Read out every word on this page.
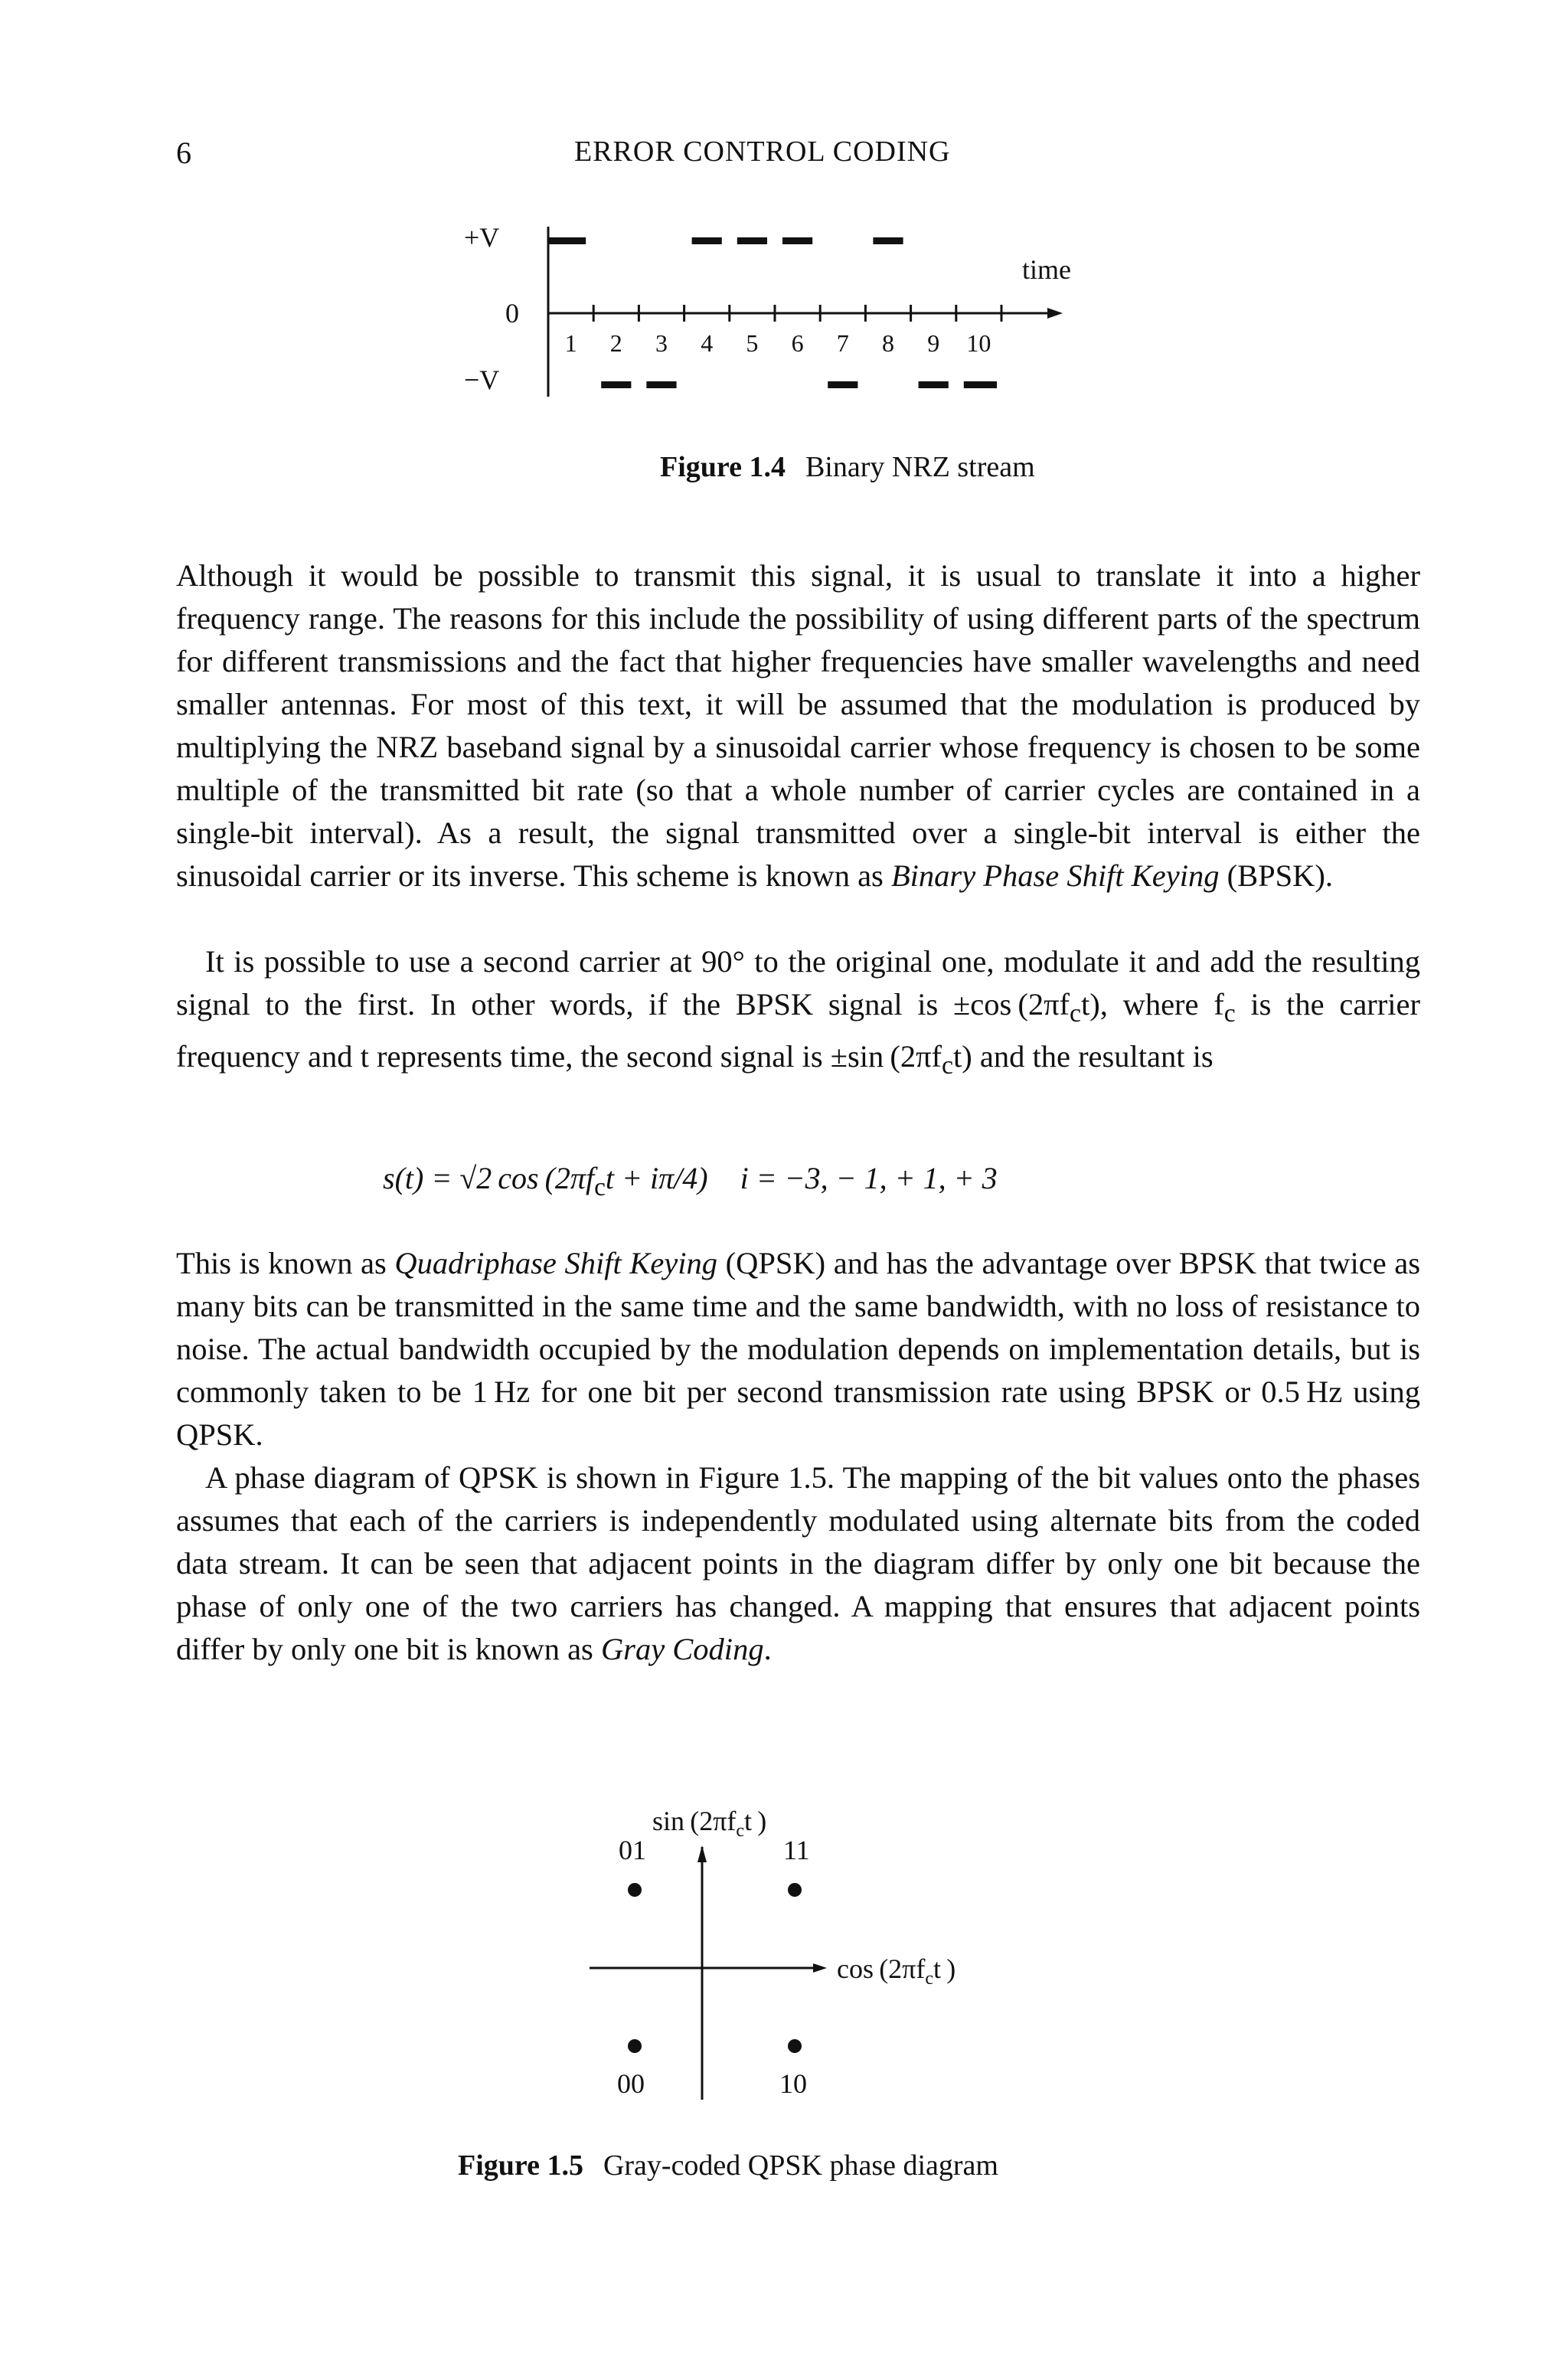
6	ERROR CONTROL CODING
+V
0
−V
time
1 2 3 4 5 6 7 8 9 10
Figure 1.4 Binary NRZ stream

Although it would be possible to transmit this signal, it is usual to translate it into a higher frequency range. The reasons for this include the possibility of using different parts of the spectrum for different transmissions and the fact that higher frequencies have smaller wavelengths and need smaller antennas. For most of this text, it will be assumed that the modulation is produced by multiplying the NRZ baseband signal by a sinusoidal carrier whose frequency is chosen to be some multiple of the transmitted bit rate (so that a whole number of carrier cycles are contained in a single-bit interval). As a result, the signal transmitted over a single-bit interval is either the sinusoidal carrier or its inverse. This scheme is known as Binary Phase Shift Keying (BPSK).

It is possible to use a second carrier at 90° to the original one, modulate it and add the resulting signal to the first. In other words, if the BPSK signal is ±cos $(2\pi f_ct)$, where $f_c$ is the carrier frequency and t represents time, the second signal is ±sin $(2\pi f_ct)$ and the resultant is

s(t) = √2 $\cos (2\pi f_ct + i\pi/4) i = -3$, − 1, + 1, + 3

This is known as Quadriphase Shift Keying (QPSK) and has the advantage over BPSK that twice as many bits can be transmitted in the same time and the same bandwidth, with no loss of resistance to noise. The actual bandwidth occupied by the modulation depends on implementation details, but is commonly taken to be 1 Hz for one bit per second transmission rate using BPSK or 0.5 Hz using QPSK.

A phase diagram of QPSK is shown in Figure 1.5. The mapping of the bit values onto the phases assumes that each of the carriers is independently modulated using alternate bits from the coded data stream. It can be seen that adjacent points in the diagram differ by only one bit because the phase of only one of the two carriers has changed. A mapping that ensures that adjacent points differ by only one bit is known as Gray Coding.

$\sin (2\pi f_ct$ )
$\cos (2\pi f_ct$ )
01	11
00	10
Figure 1.5 Gray-coded QPSK phase diagram
